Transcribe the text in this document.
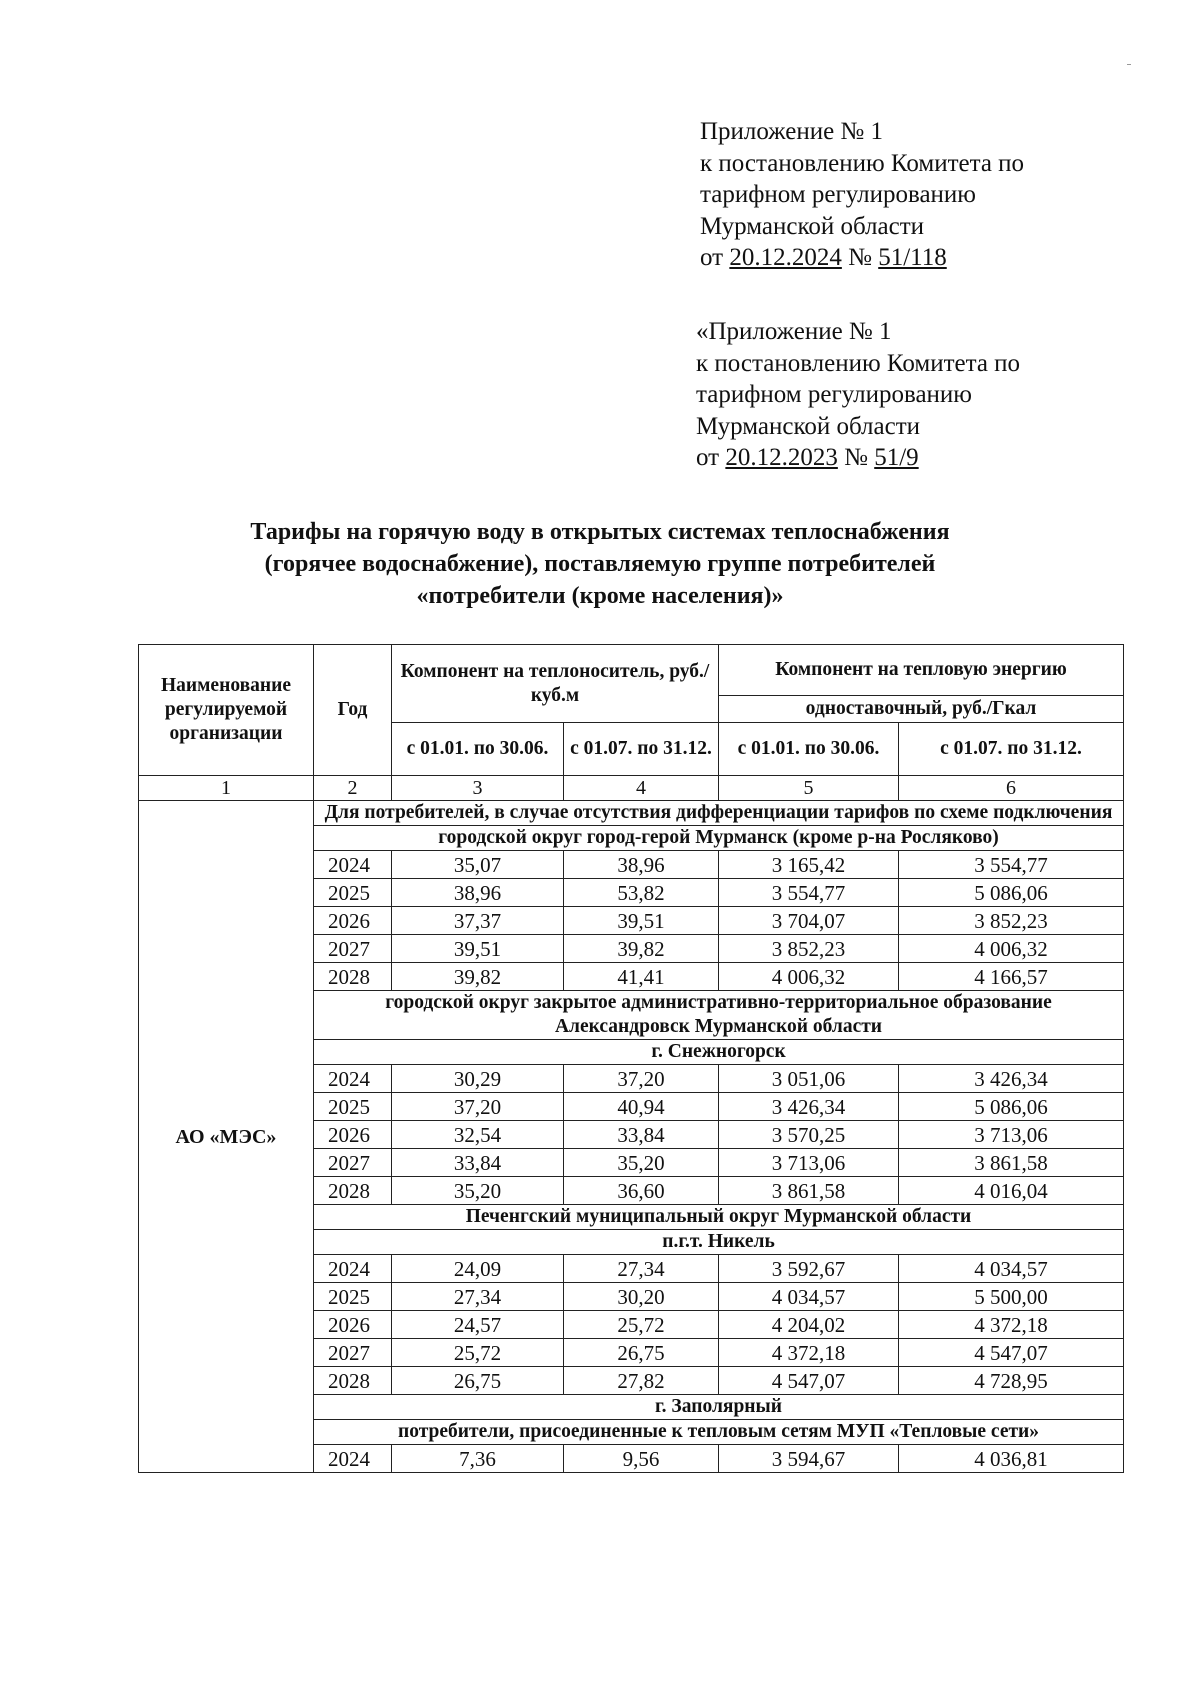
Приложение № 1
к постановлению Комитета по
тарифном регулированию
Мурманской области
от 20.12.2024 № 51/118
«Приложение № 1
к постановлению Комитета по
тарифном регулированию
Мурманской области
от 20.12.2023 № 51/9
Тарифы на горячую воду в открытых системах теплоснабжения
(горячее водоснабжение), поставляемую группе потребителей
«потребители (кроме населения)»
Наименование регулируемой организации	Год	Компонент на теплоноситель, руб./куб.м		Компонент на тепловую энергию	
				одноставочный, руб./Гкал	
		с 01.01. по 30.06.	с 01.07. по 31.12.	с 01.01. по 30.06.	с 01.07. по 31.12.
1	2	3	4	5	6
АО «МЭС»	Для потребителей, в случае отсутствия дифференциации тарифов по схеме подключения				
	городской округ город-герой Мурманск (кроме р-на Росляково)				
	2024	35,07	38,96	3 165,42	3 554,77
	2025	38,96	53,82	3 554,77	5 086,06
	2026	37,37	39,51	3 704,07	3 852,23
	2027	39,51	39,82	3 852,23	4 006,32
	2028	39,82	41,41	4 006,32	4 166,57
	городской округ закрытое административно-территориальное образование Александровск Мурманской области				
	г. Снежногорск				
	2024	30,29	37,20	3 051,06	3 426,34
	2025	37,20	40,94	3 426,34	5 086,06
	2026	32,54	33,84	3 570,25	3 713,06
	2027	33,84	35,20	3 713,06	3 861,58
	2028	35,20	36,60	3 861,58	4 016,04
	Печенгский муниципальный округ Мурманской области				
	п.г.т. Никель				
	2024	24,09	27,34	3 592,67	4 034,57
	2025	27,34	30,20	4 034,57	5 500,00
	2026	24,57	25,72	4 204,02	4 372,18
	2027	25,72	26,75	4 372,18	4 547,07
	2028	26,75	27,82	4 547,07	4 728,95
	г. Заполярный				
	потребители, присоединенные к тепловым сетям МУП «Тепловые сети»				
	2024	7,36	9,56	3 594,67	4 036,81
